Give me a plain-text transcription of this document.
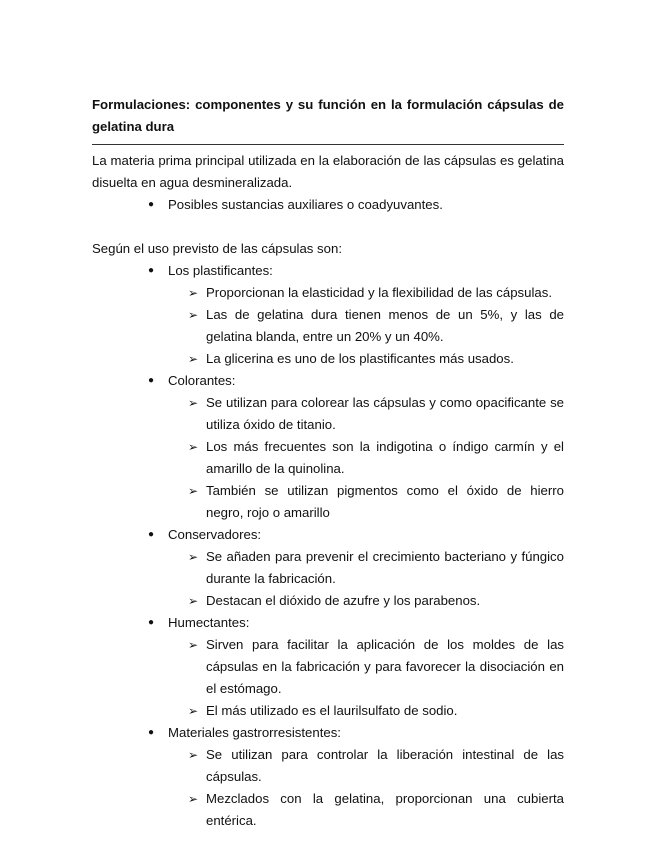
Formulaciones: componentes y su función en la formulación cápsulas de gelatina dura

La materia prima principal utilizada en la elaboración de las cápsulas es gelatina disuelta en agua desmineralizada.

● Posibles sustancias auxiliares o coadyuvantes.

Según el uso previsto de las cápsulas son:

● Los plastificantes:
➢ Proporcionan la elasticidad y la flexibilidad de las cápsulas.
➢ Las de gelatina dura tienen menos de un 5%, y las de gelatina blanda, entre un 20% y un 40%.
➢ La glicerina es uno de los plastificantes más usados.
● Colorantes:
➢ Se utilizan para colorear las cápsulas y como opacificante se utiliza óxido de titanio.
➢ Los más frecuentes son la indigotina o índigo carmín y el amarillo de la quinolina.
➢ También se utilizan pigmentos como el óxido de hierro negro, rojo o amarillo
● Conservadores:
➢ Se añaden para prevenir el crecimiento bacteriano y fúngico durante la fabricación.
➢ Destacan el dióxido de azufre y los parabenos.
● Humectantes:
➢ Sirven para facilitar la aplicación de los moldes de las cápsulas en la fabricación y para favorecer la disociación en el estómago.
➢ El más utilizado es el laurilsulfato de sodio.
● Materiales gastrorresistentes:
➢ Se utilizan para controlar la liberación intestinal de las cápsulas.
➢ Mezclados con la gelatina, proporcionan una cubierta entérica.
